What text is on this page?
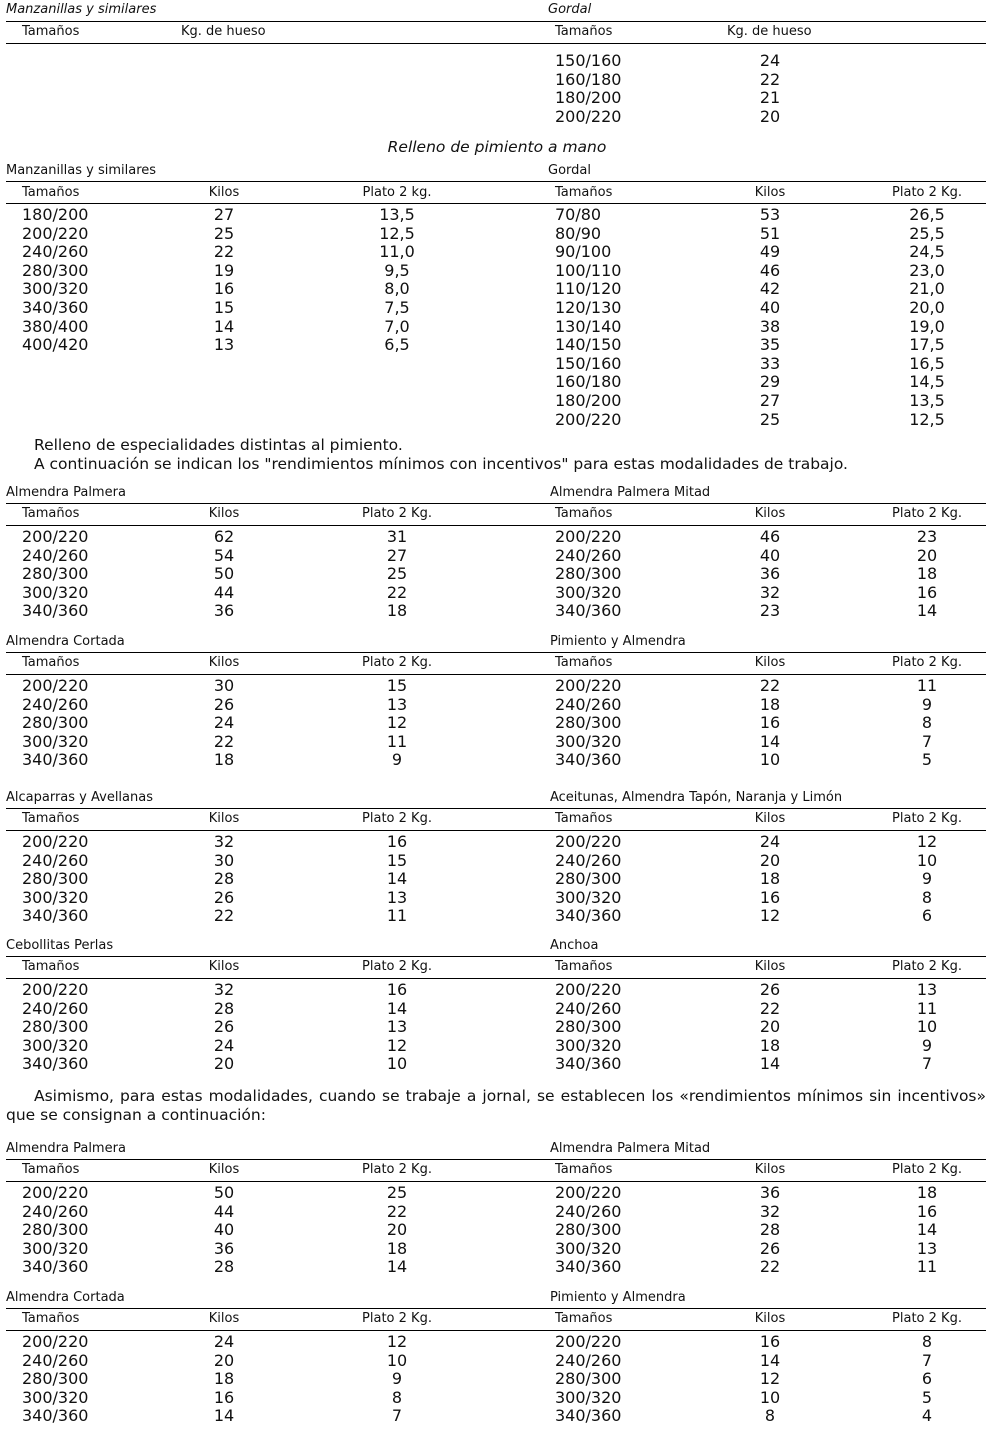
Manzanillas y similares	Gordal
Tamaños	Kg. de hueso	Tamaños	Kg. de hueso
150/160	24
160/180	22
180/200	21
200/220	20
Relleno de pimiento a mano
Manzanillas y similares	Gordal
Tamaños	Kilos	Plato 2 kg.	Tamaños	Kilos	Plato 2 Kg.
180/200	27	13,5
200/220	25	12,5
240/260	22	11,0
280/300	19	9,5
300/320	16	8,0
340/360	15	7,5
380/400	14	7,0
400/420	13	6,5
70/80	53	26,5
80/90	51	25,5
90/100	49	24,5
100/110	46	23,0
110/120	42	21,0
120/130	40	20,0
130/140	38	19,0
140/150	35	17,5
150/160	33	16,5
160/180	29	14,5
180/200	27	13,5
200/220	25	12,5
Relleno de especialidades distintas al pimiento.
A continuación se indican los "rendimientos mínimos con incentivos" para estas modalidades de trabajo.
Almendra Palmera	Almendra Palmera Mitad
Tamaños	Kilos	Plato 2 Kg.	Tamaños	Kilos	Plato 2 Kg.
200/220	62	31
240/260	54	27
280/300	50	25
300/320	44	22
340/360	36	18
200/220	46	23
240/260	40	20
280/300	36	18
300/320	32	16
340/360	23	14
Almendra Cortada	Pimiento y Almendra
Tamaños	Kilos	Plato 2 Kg.	Tamaños	Kilos	Plato 2 Kg.
200/220	30	15
240/260	26	13
280/300	24	12
300/320	22	11
340/360	18	9
200/220	22	11
240/260	18	9
280/300	16	8
300/320	14	7
340/360	10	5
Alcaparras y Avellanas	Aceitunas, Almendra Tapón, Naranja y Limón
Tamaños	Kilos	Plato 2 Kg.	Tamaños	Kilos	Plato 2 Kg.
200/220	32	16
240/260	30	15
280/300	28	14
300/320	26	13
340/360	22	11
200/220	24	12
240/260	20	10
280/300	18	9
300/320	16	8
340/360	12	6
Cebollitas Perlas	Anchoa
Tamaños	Kilos	Plato 2 Kg.	Tamaños	Kilos	Plato 2 Kg.
200/220	32	16
240/260	28	14
280/300	26	13
300/320	24	12
340/360	20	10
200/220	26	13
240/260	22	11
280/300	20	10
300/320	18	9
340/360	14	7
Asimismo, para estas modalidades, cuando se trabaje a jornal, se establecen los «rendimientos mínimos sin incentivos» que se consignan a continuación:
Almendra Palmera	Almendra Palmera Mitad
Tamaños	Kilos	Plato 2 Kg.	Tamaños	Kilos	Plato 2 Kg.
200/220	50	25
240/260	44	22
280/300	40	20
300/320	36	18
340/360	28	14
200/220	36	18
240/260	32	16
280/300	28	14
300/320	26	13
340/360	22	11
Almendra Cortada	Pimiento y Almendra
Tamaños	Kilos	Plato 2 Kg.	Tamaños	Kilos	Plato 2 Kg.
200/220	24	12
240/260	20	10
280/300	18	9
300/320	16	8
340/360	14	7
200/220	16	8
240/260	14	7
280/300	12	6
300/320	10	5
340/360	8	4
